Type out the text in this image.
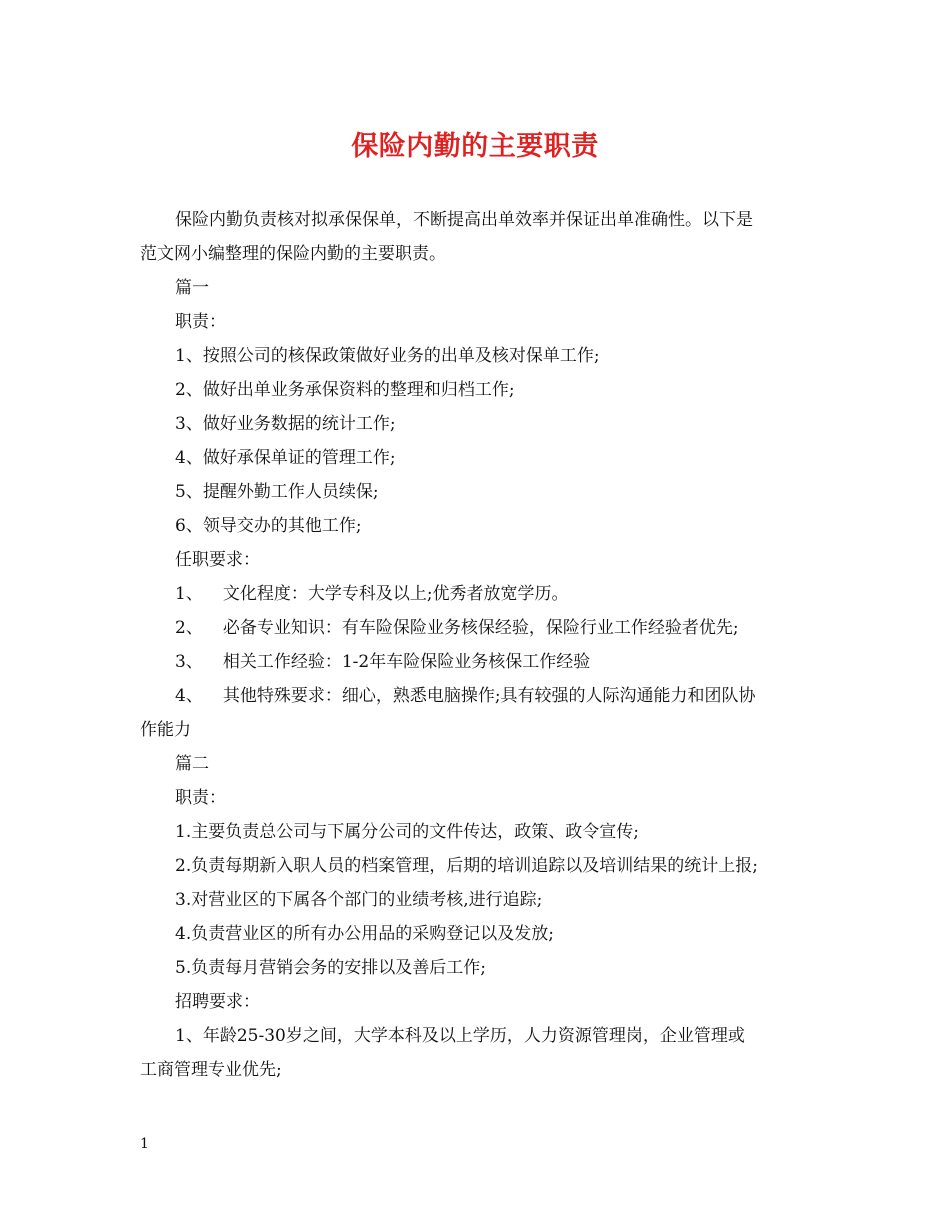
保险内勤的主要职责
保险内勤负责核对拟承保保单，不断提高出单效率并保证出单准确性。以下是
范文网小编整理的保险内勤的主要职责。
篇一
职责：
1、按照公司的核保政策做好业务的出单及核对保单工作;
2、做好出单业务承保资料的整理和归档工作;
3、做好业务数据的统计工作;
4、做好承保单证的管理工作;
5、提醒外勤工作人员续保;
6、领导交办的其他工作;
任职要求：
1、 文化程度：大学专科及以上;优秀者放宽学历。
2、 必备专业知识：有车险保险业务核保经验，保险行业工作经验者优先;
3、 相关工作经验：1-2年车险保险业务核保工作经验
4、 其他特殊要求：细心，熟悉电脑操作;具有较强的人际沟通能力和团队协
作能力
篇二
职责：
1.主要负责总公司与下属分公司的文件传达，政策、政令宣传;
2.负责每期新入职人员的档案管理，后期的培训追踪以及培训结果的统计上报;
3.对营业区的下属各个部门的业绩考核,进行追踪;
4.负责营业区的所有办公用品的采购登记以及发放;
5.负责每月营销会务的安排以及善后工作;
招聘要求：
1、年龄25-30岁之间，大学本科及以上学历，人力资源管理岗，企业管理或
工商管理专业优先;
1
